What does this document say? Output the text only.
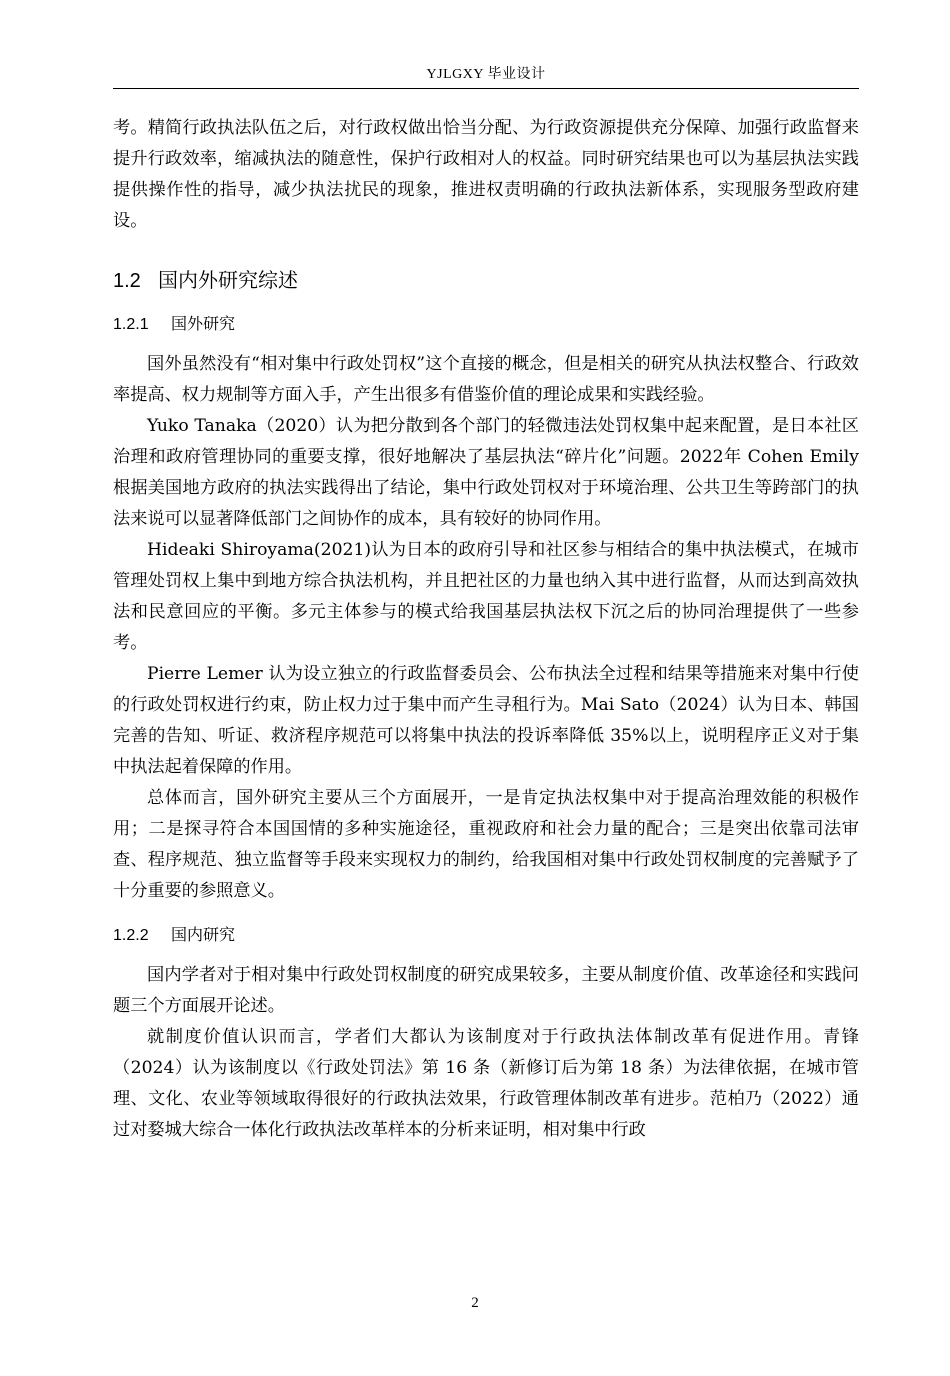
YJLGXY 毕业设计

考。精简行政执法队伍之后，对行政权做出恰当分配、为行政资源提供充分保障、加强行政监督来提升行政效率，缩减执法的随意性，保护行政相对人的权益。同时研究结果也可以为基层执法实践提供操作性的指导，减少执法扰民的现象，推进权责明确的行政执法新体系，实现服务型政府建设。

1.2 国内外研究综述
1.2.1 国外研究

国外虽然没有“相对集中行政处罚权”这个直接的概念，但是相关的研究从执法权整合、行政效率提高、权力规制等方面入手，产生出很多有借鉴价值的理论成果和实践经验。

Yuko Tanaka（2020）认为把分散到各个部门的轻微违法处罚权集中起来配置，是日本社区治理和政府管理协同的重要支撑，很好地解决了基层执法“碎片化”问题。2022年 Cohen Emily 根据美国地方政府的执法实践得出了结论，集中行政处罚权对于环境治理、公共卫生等跨部门的执法来说可以显著降低部门之间协作的成本，具有较好的协同作用。

Hideaki Shiroyama(2021)认为日本的政府引导和社区参与相结合的集中执法模式，在城市管理处罚权上集中到地方综合执法机构，并且把社区的力量也纳入其中进行监督，从而达到高效执法和民意回应的平衡。多元主体参与的模式给我国基层执法权下沉之后的协同治理提供了一些参考。

Pierre Lemer 认为设立独立的行政监督委员会、公布执法全过程和结果等措施来对集中行使的行政处罚权进行约束，防止权力过于集中而产生寻租行为。Mai Sato（2024）认为日本、韩国完善的告知、听证、救济程序规范可以将集中执法的投诉率降低 35%以上，说明程序正义对于集中执法起着保障的作用。

总体而言，国外研究主要从三个方面展开，一是肯定执法权集中对于提高治理效能的积极作用；二是探寻符合本国国情的多种实施途径，重视政府和社会力量的配合；三是突出依靠司法审查、程序规范、独立监督等手段来实现权力的制约，给我国相对集中行政处罚权制度的完善赋予了十分重要的参照意义。

1.2.2 国内研究

国内学者对于相对集中行政处罚权制度的研究成果较多，主要从制度价值、改革途径和实践问题三个方面展开论述。

就制度价值认识而言，学者们大都认为该制度对于行政执法体制改革有促进作用。青锋（2024）认为该制度以《行政处罚法》第 16 条（新修订后为第 18 条）为法律依据，在城市管理、文化、农业等领域取得很好的行政执法效果，行政管理体制改革有进步。范柏乃（2022）通过对婺城大综合一体化行政执法改革样本的分析来证明，相对集中行政

2
